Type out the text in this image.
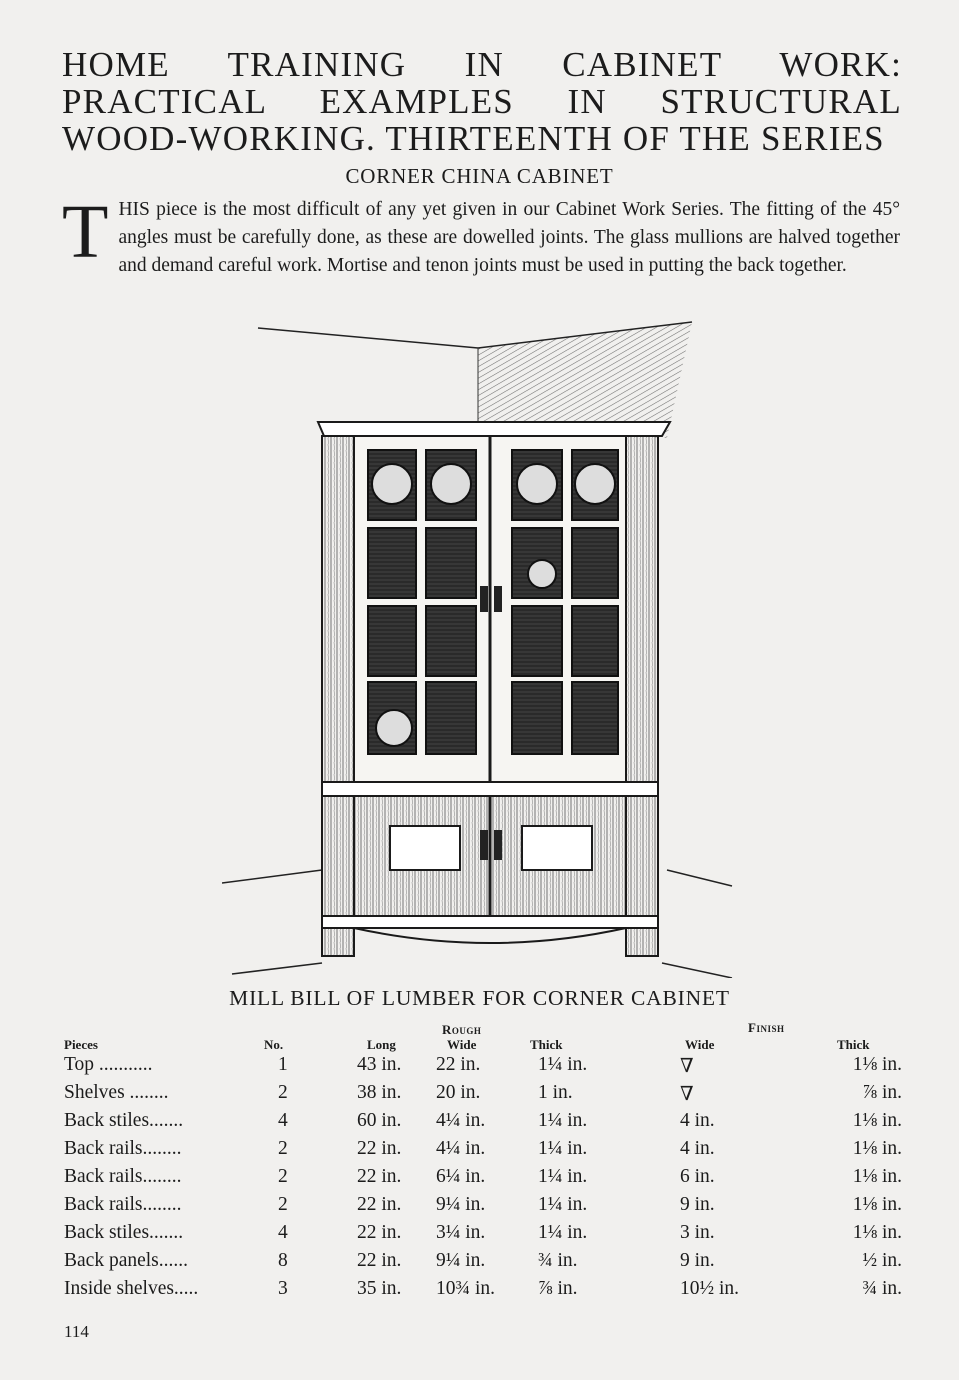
HOME TRAINING IN CABINET WORK: PRACTICAL EXAMPLES IN STRUCTURAL WOOD-WORKING. THIRTEENTH OF THE SERIES
CORNER CHINA CABINET

THIS piece is the most difficult of any yet given in our Cabinet Work Series. The fitting of the 45° angles must be carefully done, as these are dowelled joints. The glass mullions are halved together and demand careful work. Mortise and tenon joints must be used in putting the back together.

MILL BILL OF LUMBER FOR CORNER CABINET
Rough	Finish
Pieces	No.	Long	Wide	Thick	Wide	Thick
Top ...........	1	43 in. 22 in.	1¼ in.	∇	1⅛ in.
Shelves ........	2	38 in. 20 in.	1 in.	∇	⅞ in.
Back stiles.......	4	60 in. 4¼ in.	1¼ in.	4 in.	1⅛ in.
Back rails........	2	22 in. 4¼ in.	1¼ in.	4 in.	1⅛ in.
Back rails........	2	22 in. 6¼ in.	1¼ in.	6 in.	1⅛ in.
Back rails........	2	22 in. 9¼ in.	1¼ in.	9 in.	1⅛ in.
Back stiles.......	4	22 in. 3¼ in.	1¼ in.	3 in.	1⅛ in.
Back panels......	8	22 in. 9¼ in.	¾ in.	9 in.	½ in.
Inside shelves.....	3	35 in. 10¾ in.	⅞ in.	10½ in.	¾ in.
114
